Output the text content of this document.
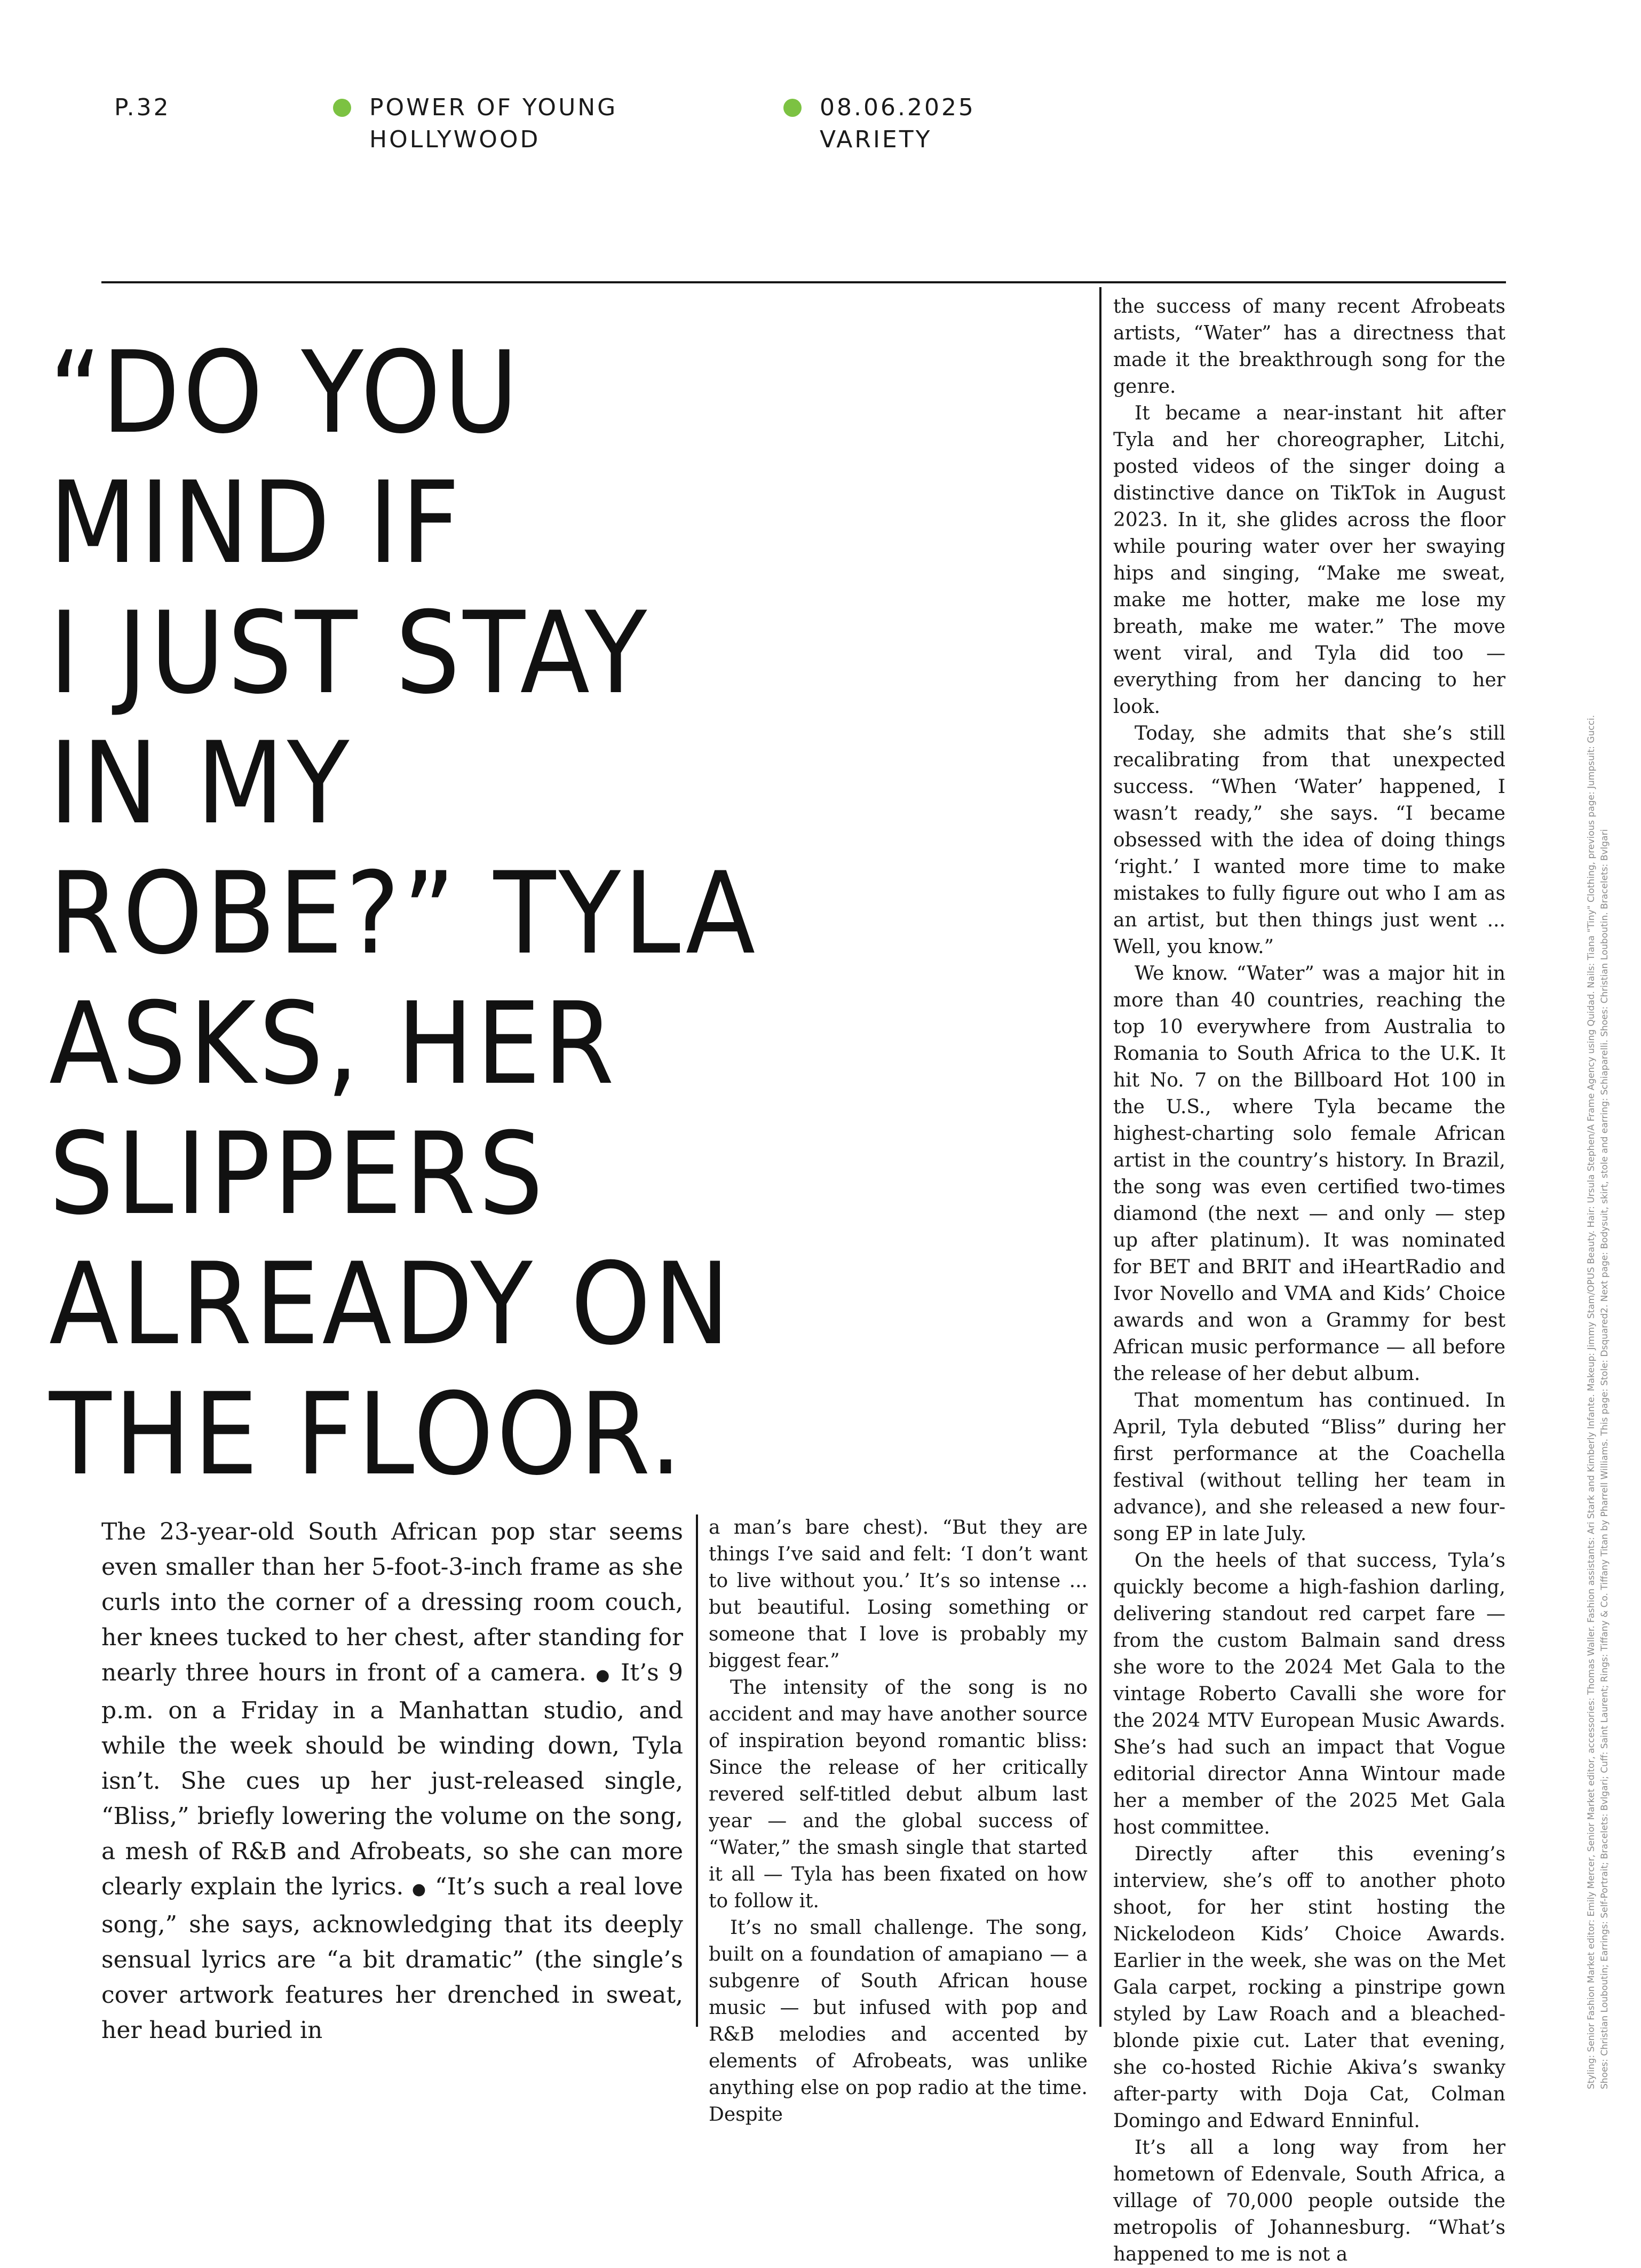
P.32	POWER OF YOUNG
HOLLYWOOD
08.06.2025
VARIETY
“DO YOU
MIND IF
I JUST STAY
IN MY
ROBE?” TYLA
ASKS, HER
SLIPPERS
ALREADY ON
THE FLOOR.

The 23-year-old South African pop star seems even smaller than her 5-foot-3-inch frame as she curls into the corner of a dressing room couch, her knees tucked to her chest, after standing for nearly three hours in front of a camera. ● It’s 9 p.m. on a Friday in a Manhattan studio, and while the week should be winding down, Tyla isn’t. She cues up her just-released single, “Bliss,” briefly lowering the volume on the song, a mesh of R&B and Afrobeats, so she can more clearly explain the lyrics. ● “It’s such a real love song,” she says, acknowledging that its deeply sensual lyrics are “a bit dramatic” (the single’s cover artwork features her drenched in sweat, her head buried in

a man’s bare chest). “But they are things I’ve said and felt: ‘I don’t want to live without you.’ It’s so intense ... but beautiful. Losing something or someone that I love is probably my biggest fear.”

The intensity of the song is no accident and may have another source of inspiration beyond romantic bliss: Since the release of her critically revered self-titled debut album last year — and the global success of “Water,” the smash single that started it all — Tyla has been fixated on how to follow it.

It’s no small challenge. The song, built on a foundation of amapiano — a subgenre of South African house music — but infused with pop and R&B melodies and accented by elements of Afrobeats, was unlike anything else on pop radio at the time. Despite

the success of many recent Afrobeats artists, “Water” has a directness that made it the breakthrough song for the genre.

It became a near-instant hit after Tyla and her choreographer, Litchi, posted videos of the singer doing a distinctive dance on TikTok in August 2023. In it, she glides across the floor while pouring water over her swaying hips and singing, “Make me sweat, make me hotter, make me lose my breath, make me water.” The move went viral, and Tyla did too — everything from her dancing to her look.

Today, she admits that she’s still recalibrating from that unexpected success. “When ‘Water’ happened, I wasn’t ready,” she says. “I became obsessed with the idea of doing things ‘right.’ I wanted more time to make mistakes to fully figure out who I am as an artist, but then things just went ... Well, you know.”

We know. “Water” was a major hit in more than 40 countries, reaching the top 10 everywhere from Australia to Romania to South Africa to the U.K. It hit No. 7 on the Billboard Hot 100 in the U.S., where Tyla became the highest-charting solo female African artist in the country’s history. In Brazil, the song was even certified two-times diamond (the next — and only — step up after platinum). It was nominated for BET and BRIT and iHeartRadio and Ivor Novello and VMA and Kids’ Choice awards and won a Grammy for best African music performance — all before the release of her debut album.

That momentum has continued. In April, Tyla debuted “Bliss” during her first performance at the Coachella festival (without telling her team in advance), and she released a new four-song EP in late July.

On the heels of that success, Tyla’s quickly become a high-fashion darling, delivering standout red carpet fare — from the custom Balmain sand dress she wore to the 2024 Met Gala to the vintage Roberto Cavalli she wore for the 2024 MTV European Music Awards. She’s had such an impact that Vogue editorial director Anna Wintour made her a member of the 2025 Met Gala host committee.

Directly after this evening’s interview, she’s off to another photo shoot, for her stint hosting the Nickelodeon Kids’ Choice Awards. Earlier in the week, she was on the Met Gala carpet, rocking a pinstripe gown styled by Law Roach and a bleached-blonde pixie cut. Later that evening, she co-hosted Richie Akiva’s swanky after-party with Doja Cat, Colman Domingo and Edward Enninful.

It’s all a long way from her hometown of Edenvale, South Africa, a village of 70,000 people outside the metropolis of Johannesburg. “What’s happened to me is not a

Styling: Senior Fashion Market editor: Emily Mercer, Senior Market editor, accessories: Thomas Waller. Fashion assistants: Ari Stark and Kimberly Infante. Makeup: Jimmy Stam/OPUS Beauty. Hair: Ursula Stephen/A Frame Agency using Quidad. Nails: Tiana "Tiny" Clothing, previous page: Jumpsuit: Gucci. Shoes: Christian Louboutin; Earrings: Self-Portrait; Bracelets: Bvlgari; Cuff: Saint Laurent; Rings: Tiffany & Co. Tiffany Titan by Pharrell Williams. This page: Stole: Dsquared2. Next page: Bodysuit, skirt, stole and earring: Schiaparelli. Shoes: Christian Louboutin. Bracelets: Bvlgari
